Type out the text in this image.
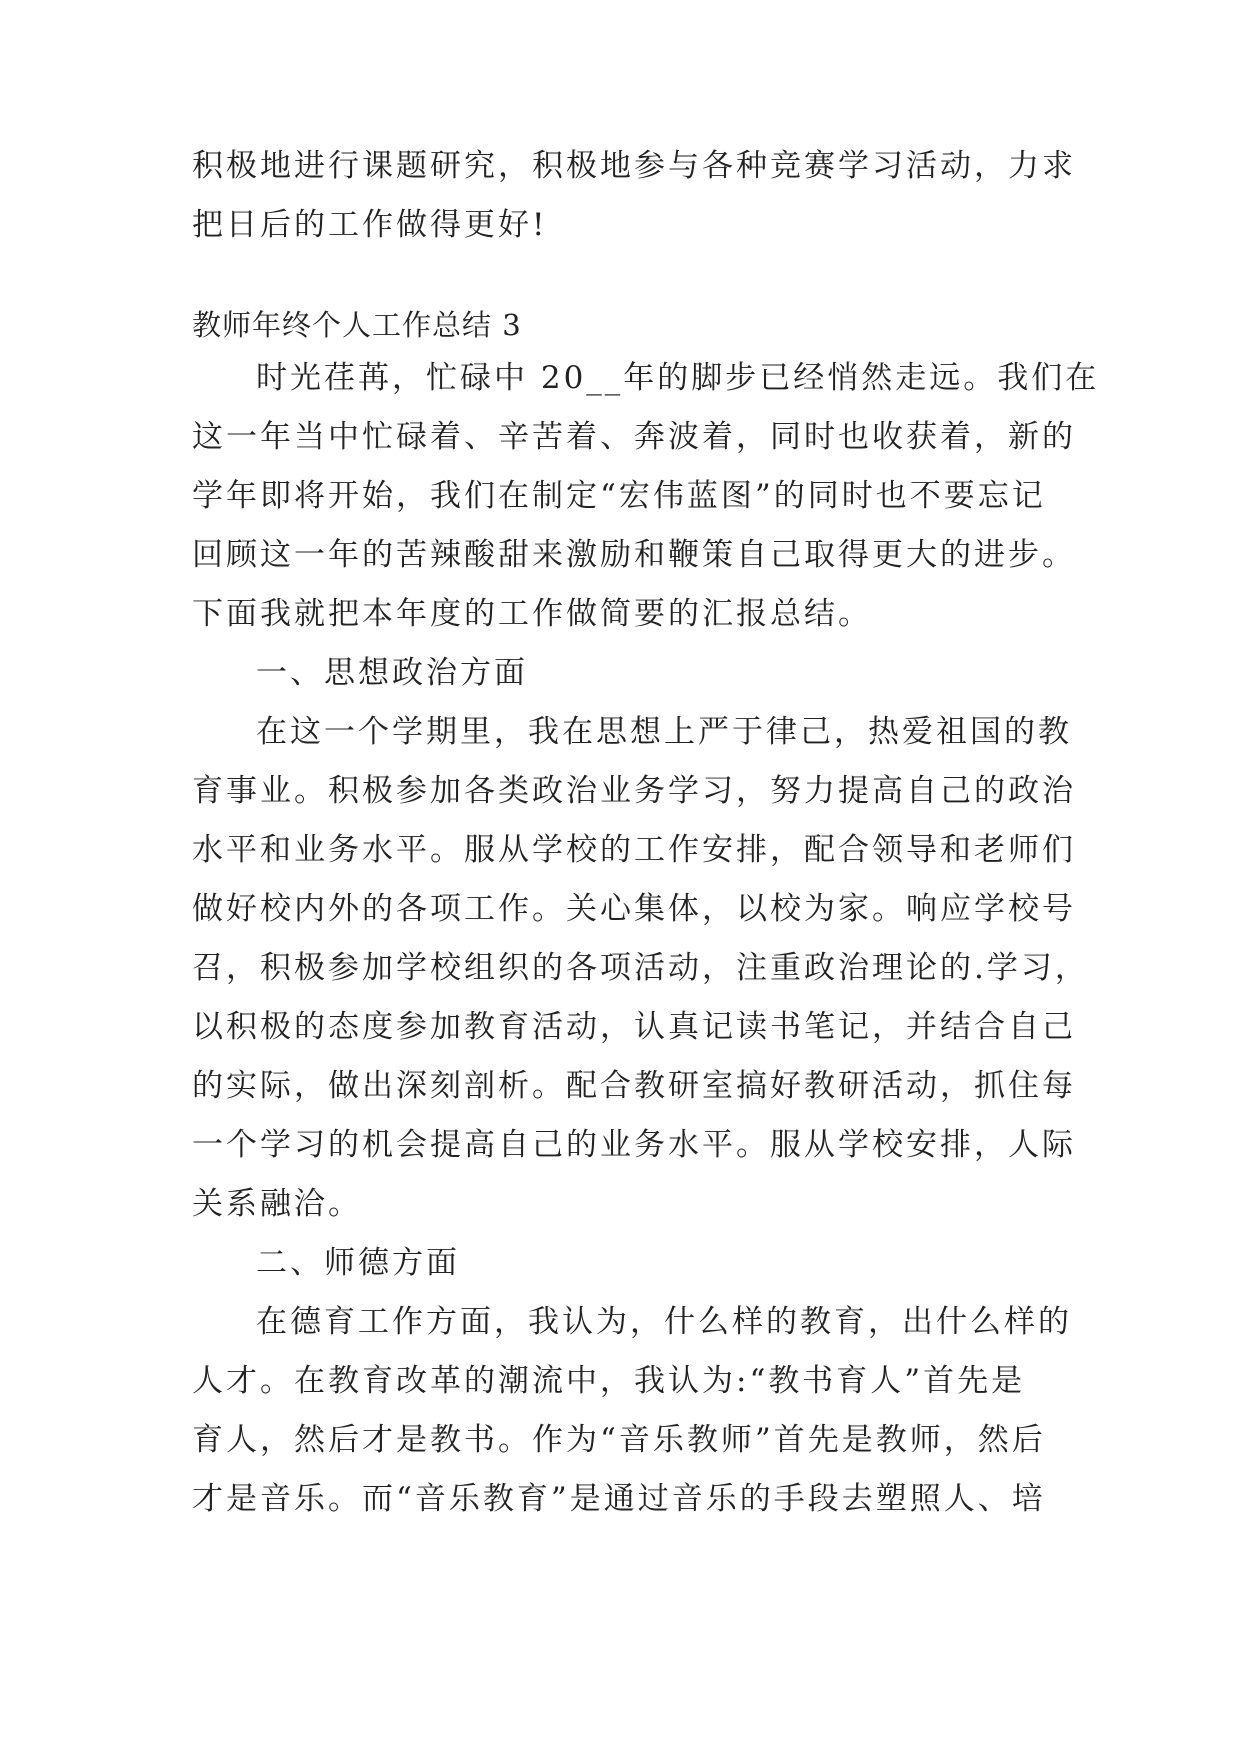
积极地进行课题研究，积极地参与各种竞赛学习活动，力求
把日后的工作做得更好!
教师年终个人工作总结 3
时光荏苒，忙碌中 20__年的脚步已经悄然走远。我们在
这一年当中忙碌着、辛苦着、奔波着，同时也收获着，新的
学年即将开始，我们在制定“宏伟蓝图”的同时也不要忘记
回顾这一年的苦辣酸甜来激励和鞭策自己取得更大的进步。
下面我就把本年度的工作做简要的汇报总结。
一、思想政治方面
在这一个学期里，我在思想上严于律己，热爱祖国的教
育事业。积极参加各类政治业务学习，努力提高自己的政治
水平和业务水平。服从学校的工作安排，配合领导和老师们
做好校内外的各项工作。关心集体，以校为家。响应学校号
召，积极参加学校组织的各项活动，注重政治理论的.学习，
以积极的态度参加教育活动，认真记读书笔记，并结合自己
的实际，做出深刻剖析。配合教研室搞好教研活动，抓住每
一个学习的机会提高自己的业务水平。服从学校安排，人际
关系融洽。
二、师德方面
在德育工作方面，我认为，什么样的教育，出什么样的
人才。在教育改革的潮流中，我认为:“教书育人”首先是
育人，然后才是教书。作为“音乐教师”首先是教师，然后
才是音乐。而“音乐教育”是通过音乐的手段去塑照人、培
